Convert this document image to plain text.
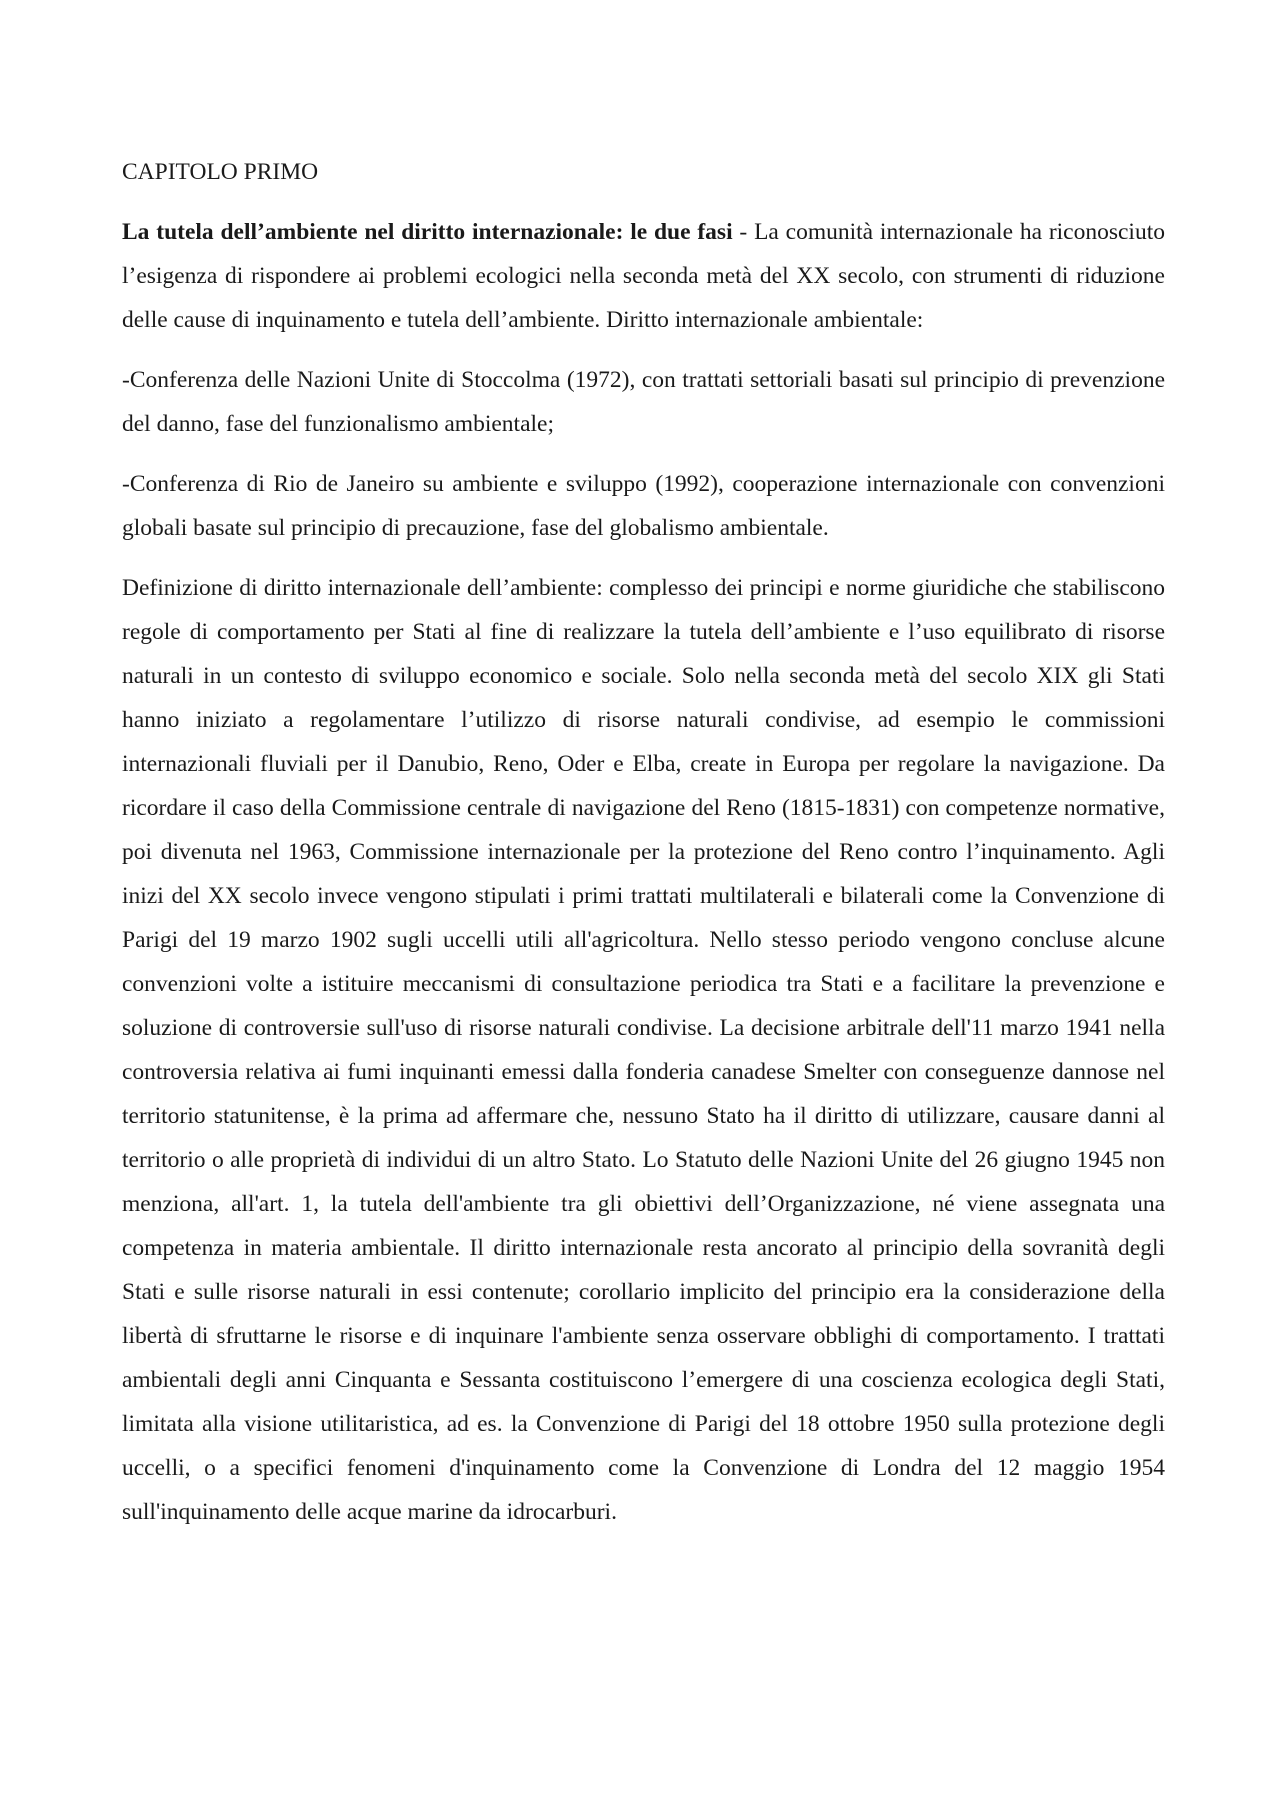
CAPITOLO PRIMO

La tutela dell’ambiente nel diritto internazionale: le due fasi - La comunità internazionale ha riconosciuto l’esigenza di rispondere ai problemi ecologici nella seconda metà del XX secolo, con strumenti di riduzione delle cause di inquinamento e tutela dell’ambiente. Diritto internazionale ambientale:

-Conferenza delle Nazioni Unite di Stoccolma (1972), con trattati settoriali basati sul principio di prevenzione del danno, fase del funzionalismo ambientale;

-Conferenza di Rio de Janeiro su ambiente e sviluppo (1992), cooperazione internazionale con convenzioni globali basate sul principio di precauzione, fase del globalismo ambientale.

Definizione di diritto internazionale dell’ambiente: complesso dei principi e norme giuridiche che stabiliscono regole di comportamento per Stati al fine di realizzare la tutela dell’ambiente e l’uso equilibrato di risorse naturali in un contesto di sviluppo economico e sociale. Solo nella seconda metà del secolo XIX gli Stati hanno iniziato a regolamentare l’utilizzo di risorse naturali condivise, ad esempio le commissioni internazionali fluviali per il Danubio, Reno, Oder e Elba, create in Europa per regolare la navigazione. Da ricordare il caso della Commissione centrale di navigazione del Reno (1815-1831) con competenze normative, poi divenuta nel 1963, Commissione internazionale per la protezione del Reno contro l’inquinamento. Agli inizi del XX secolo invece vengono stipulati i primi trattati multilaterali e bilaterali come la Convenzione di Parigi del 19 marzo 1902 sugli uccelli utili all'agricoltura. Nello stesso periodo vengono concluse alcune convenzioni volte a istituire meccanismi di consultazione periodica tra Stati e a facilitare la prevenzione e soluzione di controversie sull'uso di risorse naturali condivise. La decisione arbitrale dell'11 marzo 1941 nella controversia relativa ai fumi inquinanti emessi dalla fonderia canadese Smelter con conseguenze dannose nel territorio statunitense, è la prima ad affermare che, nessuno Stato ha il diritto di utilizzare, causare danni al territorio o alle proprietà di individui di un altro Stato. Lo Statuto delle Nazioni Unite del 26 giugno 1945 non menziona, all'art. 1, la tutela dell'ambiente tra gli obiettivi dell’Organizzazione, né viene assegnata una competenza in materia ambientale. Il diritto internazionale resta ancorato al principio della sovranità degli Stati e sulle risorse naturali in essi contenute; corollario implicito del principio era la considerazione della libertà di sfruttarne le risorse e di inquinare l'ambiente senza osservare obblighi di comportamento. I trattati ambientali degli anni Cinquanta e Sessanta costituiscono l’emergere di una coscienza ecologica degli Stati, limitata alla visione utilitaristica, ad es. la Convenzione di Parigi del 18 ottobre 1950 sulla protezione degli uccelli, o a specifici fenomeni d'inquinamento come la Convenzione di Londra del 12 maggio 1954 sull'inquinamento delle acque marine da idrocarburi.
